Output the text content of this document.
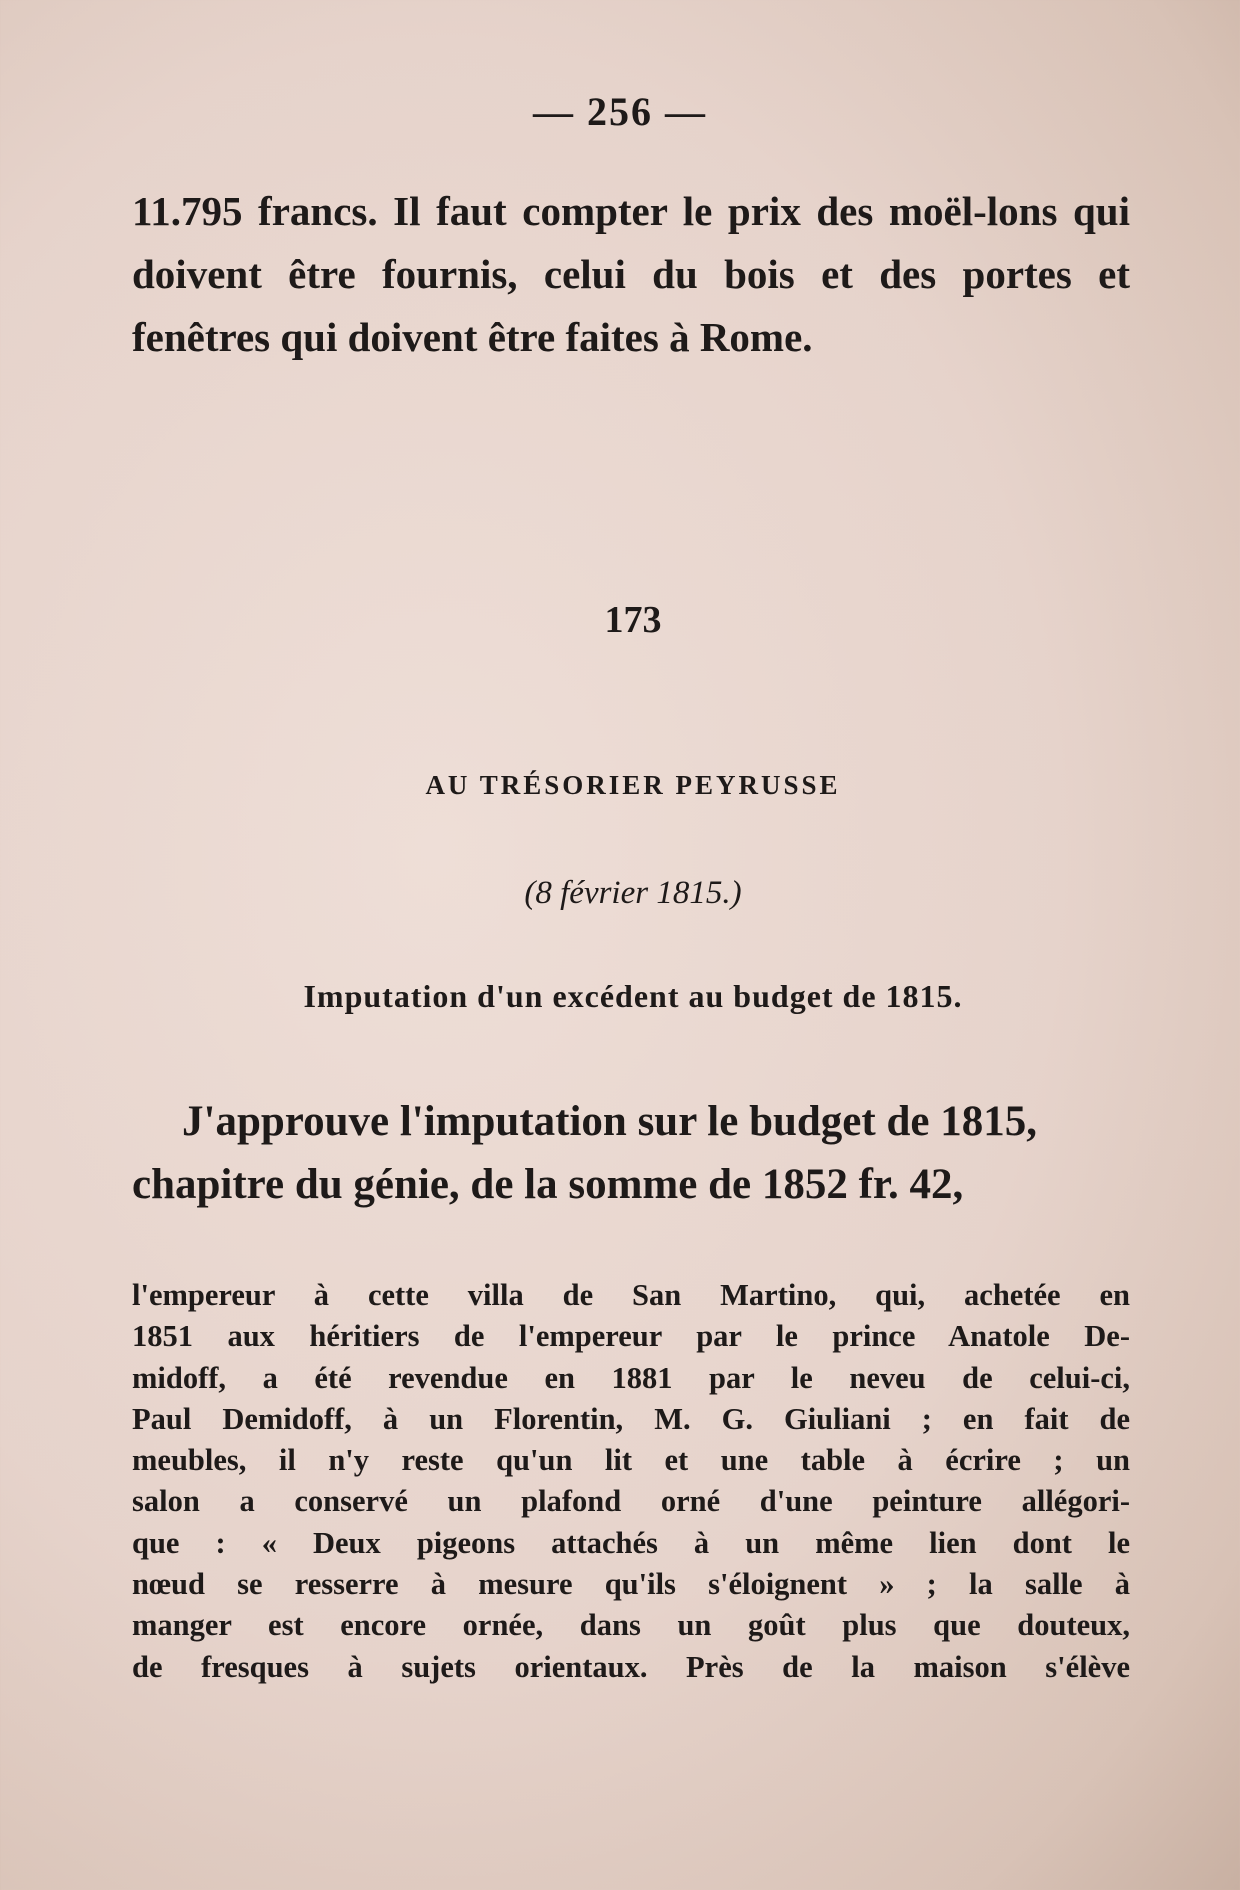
— 256 —

11.795 francs. Il faut compter le prix des moël-lons qui doivent être fournis, celui du bois et des portes et fenêtres qui doivent être faites à Rome.

173
AU TRÉSORIER PEYRUSSE
(8 février 1815.)
Imputation d'un excédent au budget de 1815.

J'approuve l'imputation sur le budget de 1815,
chapitre du génie, de la somme de 1852 fr. 42,

l'empereur à cette villa de San Martino, qui, achetée en
1851 aux héritiers de l'empereur par le prince Anatole De-
midoff, a été revendue en 1881 par le neveu de celui-ci,
Paul Demidoff, à un Florentin, M. G. Giuliani ; en fait de
meubles, il n'y reste qu'un lit et une table à écrire ; un
salon a conservé un plafond orné d'une peinture allégori-
que : « Deux pigeons attachés à un même lien dont le
nœud se resserre à mesure qu'ils s'éloignent » ; la salle à
manger est encore ornée, dans un goût plus que douteux,
de fresques à sujets orientaux. Près de la maison s'élève
